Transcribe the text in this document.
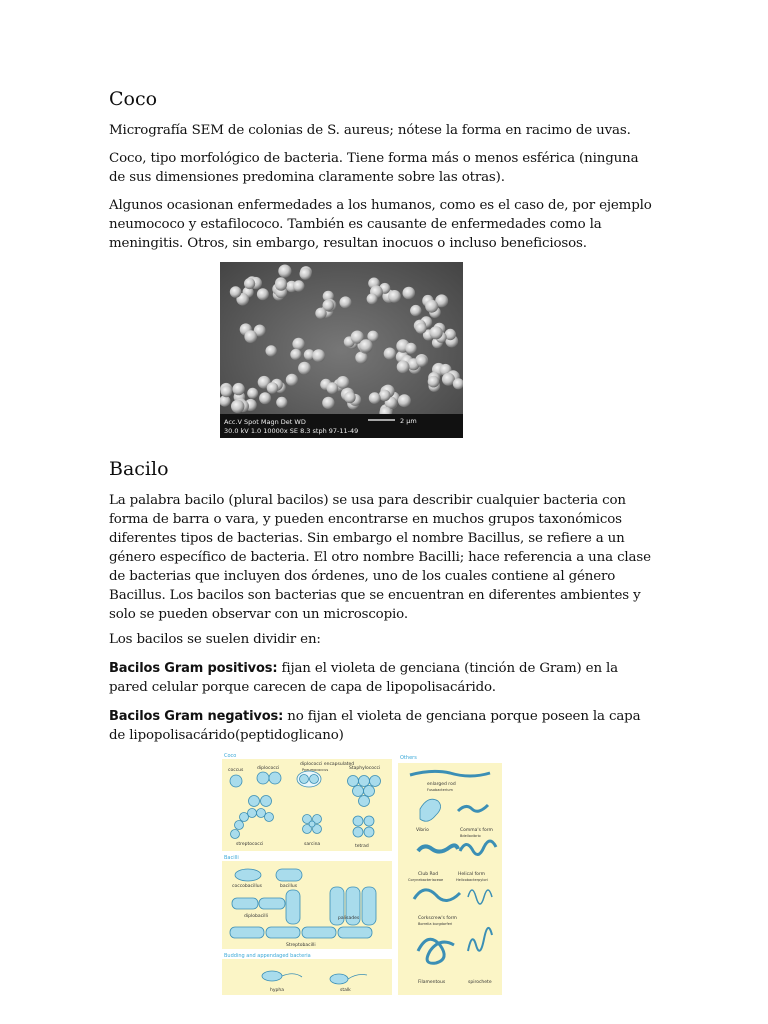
Coco

Micrografía SEM de colonias de S. aureus; nótese la forma en racimo de uvas.

Coco, tipo morfológico de bacteria. Tiene forma más o menos esférica (ninguna de sus dimensiones predomina claramente sobre las otras).

Algunos ocasionan enfermedades a los humanos, como es el caso de, por ejemplo neumococo y estafilococo. También es causante de enfermedades como la meningitis. Otros, sin embargo, resultan inocuos o incluso beneficiosos.

Acc.V Spot Magn Det WD
30.0 kV 1.0 10000x SE 8.3 stph 97-11-49
2 µm
Bacilo

La palabra bacilo (plural bacilos) se usa para describir cualquier bacteria con forma de barra o vara, y pueden encontrarse en muchos grupos taxonómicos diferentes tipos de bacterias. Sin embargo el nombre Bacillus, se refiere a un género específico de bacteria. El otro nombre Bacilli; hace referencia a una clase de bacterias que incluyen dos órdenes, uno de los cuales contiene al género Bacillus. Los bacilos son bacterias que se encuentran en diferentes ambientes y solo se pueden observar con un microscopio.

Los bacilos se suelen dividir en:

Bacilos Gram positivos: fijan el violeta de genciana (tinción de Gram) en la pared celular porque carecen de capa de lipopolisacárido.

Bacilos Gram negativos: no fijan el violeta de genciana porque poseen la capa de lipopolisacárido(peptidoglicano)

Coco	Others
Bacilli
Budding and appendaged bacteria
coccus	diplococci
diplococci encapsulated
Pneumococcus	Staphylococci
streptococci	sarcina	tetrad
coccobacillus	bacillus
diplobacilli	palisades
Streptobacilli
hypha	stalk
enlarged rod
Fusobacterium
Vibrio	Comma's form
Bdellovibrio
Club Rod
Corynebacteriaceae
Helical form
Helicobacterpylori
Corkscrew's form
Borrelia burgdorferi
Filamentous	spirochete
